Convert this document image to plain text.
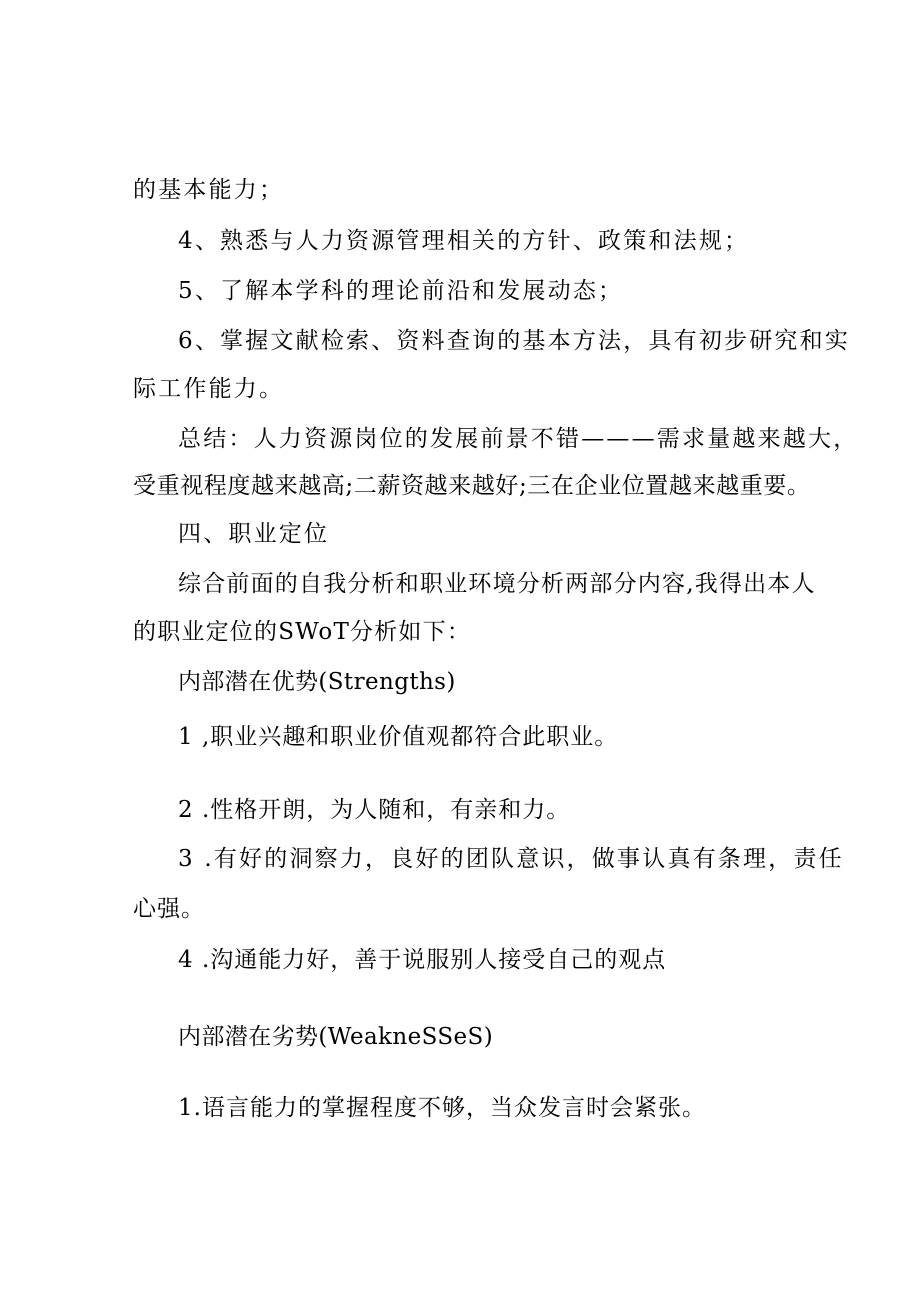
的基本能力；
4、熟悉与人力资源管理相关的方针、政策和法规；
5、了解本学科的理论前沿和发展动态；
6、掌握文献检索、资料查询的基本方法，具有初步研究和实
际工作能力。
总结：人力资源岗位的发展前景不错———需求量越来越大，
受重视程度越来越高;二薪资越来越好;三在企业位置越来越重要。
四、职业定位
综合前面的自我分析和职业环境分析两部分内容,我得出本人
的职业定位的SWoT分析如下：
内部潜在优势(Strengths)
1 ,职业兴趣和职业价值观都符合此职业。
2 .性格开朗，为人随和，有亲和力。
3 .有好的洞察力，良好的团队意识，做事认真有条理，责任
心强。
4 .沟通能力好，善于说服别人接受自己的观点
内部潜在劣势(WeakneSSeS)
1.语言能力的掌握程度不够，当众发言时会紧张。
